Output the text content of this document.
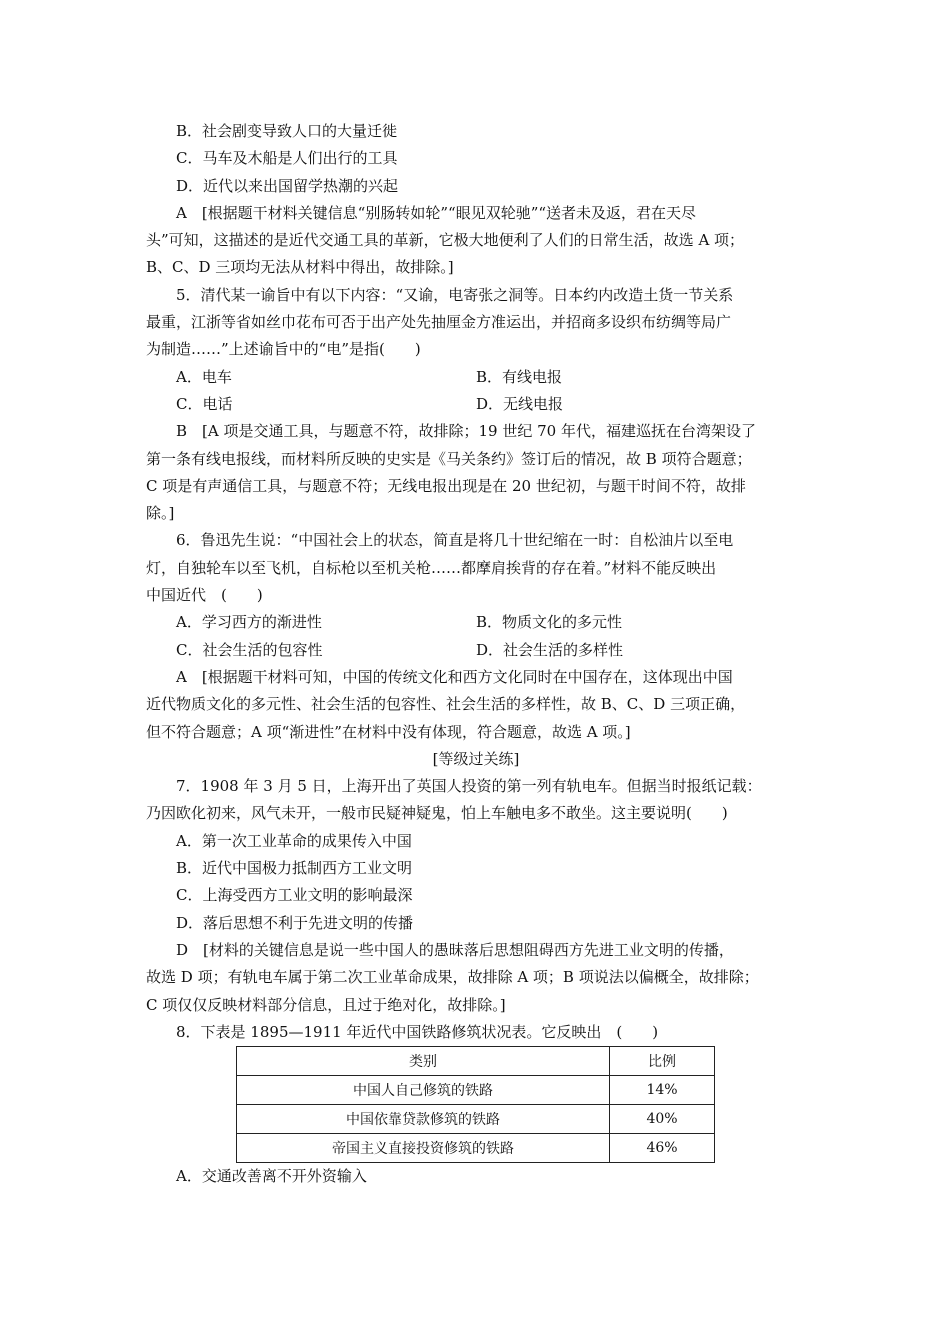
B．社会剧变导致人口的大量迁徙
C．马车及木船是人们出行的工具
D．近代以来出国留学热潮的兴起
A　[根据题干材料关键信息“别肠转如轮”“眼见双轮驰”“送者未及返，君在天尽
头”可知，这描述的是近代交通工具的革新，它极大地便利了人们的日常生活，故选 A 项；
B、C、D 三项均无法从材料中得出，故排除。]
5．清代某一谕旨中有以下内容：“又谕，电寄张之洞等。日本约内改造土货一节关系
最重，江浙等省如丝巾花布可否于出产处先抽厘金方准运出，并招商多设织布纺绸等局广
为制造……”上述谕旨中的“电”是指(　　)
A．电车	B．有线电报
C．电话	D．无线电报
B　[A 项是交通工具，与题意不符，故排除；19 世纪 70 年代，福建巡抚在台湾架设了
第一条有线电报线，而材料所反映的史实是《马关条约》签订后的情况，故 B 项符合题意；
C 项是有声通信工具，与题意不符；无线电报出现是在 20 世纪初，与题干时间不符，故排
除。]
6．鲁迅先生说：“中国社会上的状态，简直是将几十世纪缩在一时：自松油片以至电
灯，自独轮车以至飞机，自标枪以至机关枪……都摩肩挨背的存在着。”材料不能反映出
中国近代　(　　)
A．学习西方的渐进性	B．物质文化的多元性
C．社会生活的包容性	D．社会生活的多样性
A　[根据题干材料可知，中国的传统文化和西方文化同时在中国存在，这体现出中国
近代物质文化的多元性、社会生活的包容性、社会生活的多样性，故 B、C、D 三项正确，
但不符合题意；A 项“渐进性”在材料中没有体现，符合题意，故选 A 项。]
[等级过关练]
7．1908 年 3 月 5 日，上海开出了英国人投资的第一列有轨电车。但据当时报纸记载：
乃因欧化初来，风气未开，一般市民疑神疑鬼，怕上车触电多不敢坐。这主要说明(　　)
A．第一次工业革命的成果传入中国
B．近代中国极力抵制西方工业文明
C．上海受西方工业文明的影响最深
D．落后思想不利于先进文明的传播
D　[材料的关键信息是说一些中国人的愚昧落后思想阻碍西方先进工业文明的传播，
故选 D 项；有轨电车属于第二次工业革命成果，故排除 A 项；B 项说法以偏概全，故排除；
C 项仅仅反映材料部分信息，且过于绝对化，故排除。]
8．下表是 1895—1911 年近代中国铁路修筑状况表。它反映出　(　　)
类别	比例
中国人自己修筑的铁路	14%
中国依靠贷款修筑的铁路	40%
帝国主义直接投资修筑的铁路	46%
A．交通改善离不开外资输入
